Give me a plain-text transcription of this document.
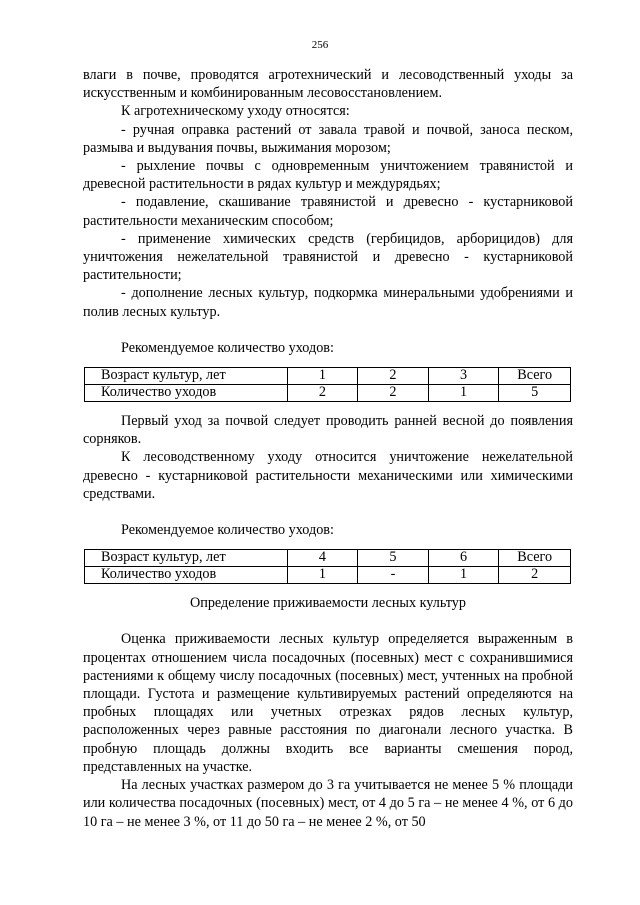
256

влаги в почве, проводятся агротехнический и лесоводственный уходы за искусственным и комбинированным лесовосстановлением.

К агротехническому уходу относятся:

- ручная оправка растений от завала травой и почвой, заноса песком, размыва и выдувания почвы, выжимания морозом;

- рыхление почвы с одновременным уничтожением травянистой и древесной растительности в рядах культур и междурядьях;

- подавление, скашивание травянистой и древесно - кустарниковой растительности механическим способом;

- применение химических средств (гербицидов, арборицидов) для уничтожения нежелательной травянистой и древесно - кустарниковой растительности;

- дополнение лесных культур, подкормка минеральными удобрениями и полив лесных культур.

Рекомендуемое количество уходов:

Возраст культур, лет	1	2	3	Всего
Количество уходов	2	2	1	5

Первый уход за почвой следует проводить ранней весной до появления сорняков.

К лесоводственному уходу относится уничтожение нежелательной древесно - кустарниковой растительности механическими или химическими средствами.

Рекомендуемое количество уходов:

Возраст культур, лет	4	5	6	Всего
Количество уходов	1	-	1	2

Определение приживаемости лесных культур

Оценка приживаемости лесных культур определяется выраженным в процентах отношением числа посадочных (посевных) мест с сохранившимися растениями к общему числу посадочных (посевных) мест, учтенных на пробной площади. Густота и размещение культивируемых растений определяются на пробных площадях или учетных отрезках рядов лесных культур, расположенных через равные расстояния по диагонали лесного участка. В пробную площадь должны входить все варианты смешения пород, представленных на участке.

На лесных участках размером до 3 га учитывается не менее 5 % площади или количества посадочных (посевных) мест, от 4 до 5 га – не менее 4 %, от 6 до 10 га – не менее 3 %, от 11 до 50 га – не менее 2 %, от 50
